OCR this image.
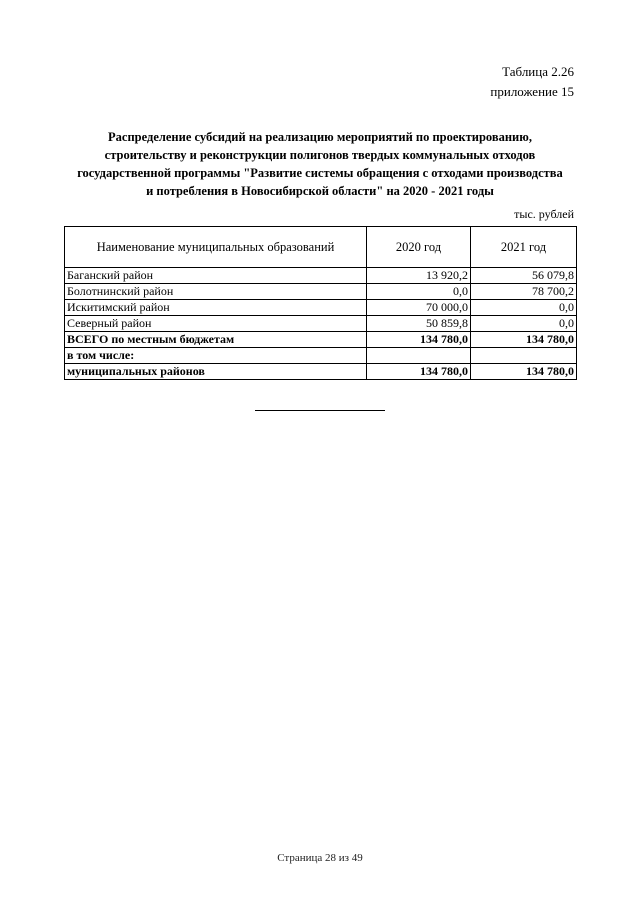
Таблица 2.26
приложение 15
Распределение субсидий на реализацию мероприятий по проектированию,
строительству и реконструкции полигонов твердых коммунальных отходов
государственной программы "Развитие системы обращения с отходами производства
и потребления в Новосибирской области" на 2020 - 2021 годы
тыс. рублей
Наименование муниципальных образований	2020 год	2021 год
Баганский район	13 920,2	56 079,8
Болотнинский район	0,0	78 700,2
Искитимский район	70 000,0	0,0
Северный район	50 859,8	0,0
ВСЕГО по местным бюджетам	134 780,0	134 780,0
в том числе:		
муниципальных районов	134 780,0	134 780,0
Страница 28 из 49
